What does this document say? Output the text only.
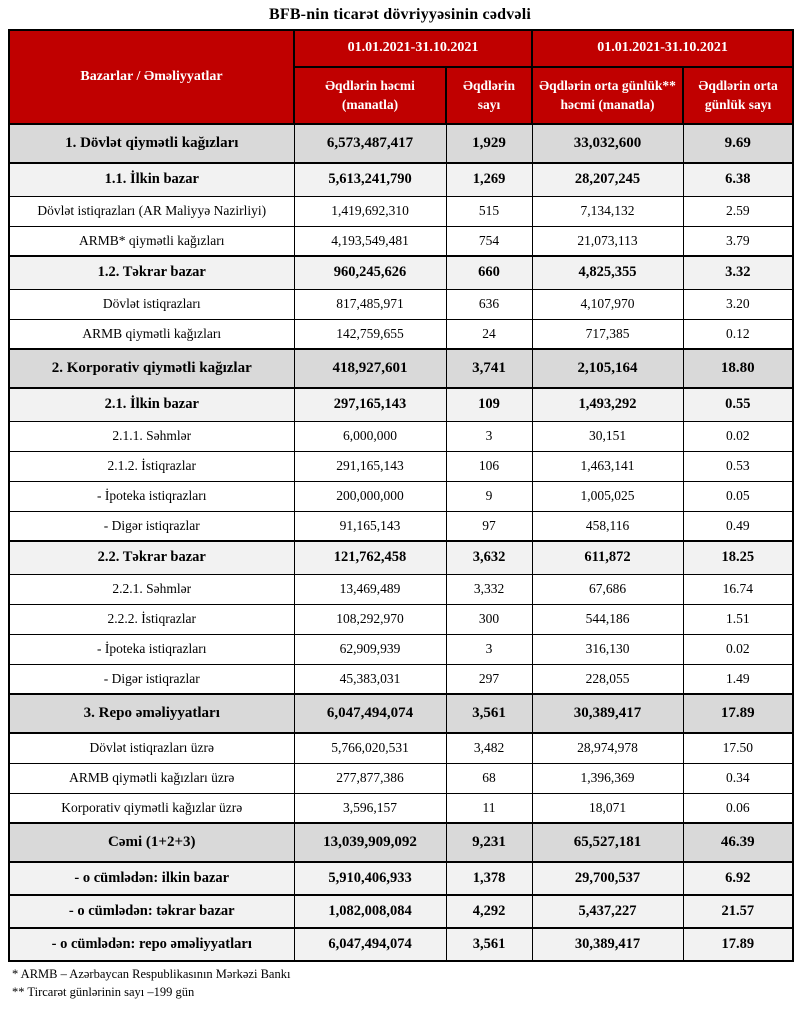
BFB-nin ticarət dövriyyəsinin cədvəli
Bazarlar / Əməliyyatlar	01.01.2021-31.10.2021		01.01.2021-31.10.2021	
	Əqdlərin həcmi (manatla)	Əqdlərin sayı	Əqdlərin orta günlük** həcmi (manatla)	Əqdlərin orta günlük sayı
1. Dövlət qiymətli kağızları	6,573,487,417	1,929	33,032,600	9.69
1.1. İlkin bazar	5,613,241,790	1,269	28,207,245	6.38
Dövlət istiqrazları (AR Maliyyə Nazirliyi)	1,419,692,310	515	7,134,132	2.59
ARMB* qiymətli kağızları	4,193,549,481	754	21,073,113	3.79
1.2. Təkrar bazar	960,245,626	660	4,825,355	3.32
Dövlət istiqrazları	817,485,971	636	4,107,970	3.20
ARMB qiymətli kağızları	142,759,655	24	717,385	0.12
2. Korporativ qiymətli kağızlar	418,927,601	3,741	2,105,164	18.80
2.1. İlkin bazar	297,165,143	109	1,493,292	0.55
2.1.1. Səhmlər	6,000,000	3	30,151	0.02
2.1.2. İstiqrazlar	291,165,143	106	1,463,141	0.53
- İpoteka istiqrazları	200,000,000	9	1,005,025	0.05
- Digər istiqrazlar	91,165,143	97	458,116	0.49
2.2. Təkrar bazar	121,762,458	3,632	611,872	18.25
2.2.1. Səhmlər	13,469,489	3,332	67,686	16.74
2.2.2. İstiqrazlar	108,292,970	300	544,186	1.51
- İpoteka istiqrazları	62,909,939	3	316,130	0.02
- Digər istiqrazlar	45,383,031	297	228,055	1.49
3. Repo əməliyyatları	6,047,494,074	3,561	30,389,417	17.89
Dövlət istiqrazları üzrə	5,766,020,531	3,482	28,974,978	17.50
ARMB qiymətli kağızları üzrə	277,877,386	68	1,396,369	0.34
Korporativ qiymətli kağızlar üzrə	3,596,157	11	18,071	0.06
Cəmi (1+2+3)	13,039,909,092	9,231	65,527,181	46.39
- o cümlədən: ilkin bazar	5,910,406,933	1,378	29,700,537	6.92
- o cümlədən: təkrar bazar	1,082,008,084	4,292	5,437,227	21.57
- o cümlədən: repo əməliyyatları	6,047,494,074	3,561	30,389,417	17.89
* ARMB – Azərbaycan Respublikasının Mərkəzi Bankı
** Tircarət günlərinin sayı –199 gün
